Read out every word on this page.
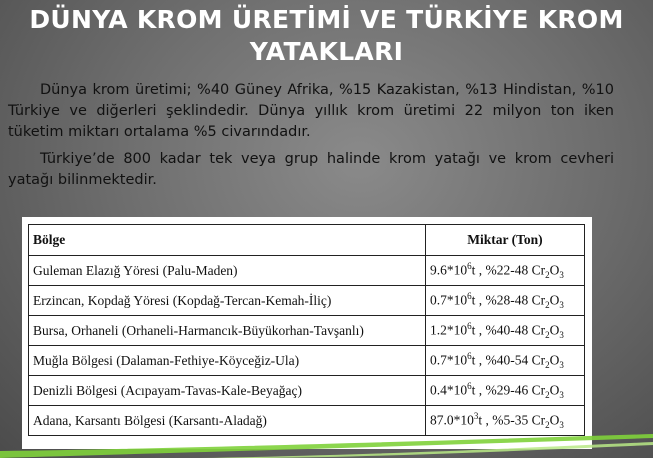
DÜNYA KROM ÜRETİMİ VE TÜRKİYE KROM
YATAKLARI

Dünya krom üretimi; %40 Güney Afrika, %15 Kazakistan, %13 Hindistan, %10 Türkiye ve diğerleri şeklindedir. Dünya yıllık krom üretimi 22 milyon ton iken tüketim miktarı ortalama %5 civarındadır.

Türkiye’de 800 kadar tek veya grup halinde krom yatağı ve krom cevheri yatağı bilinmektedir.

Bölge	Miktar (Ton)
Guleman Elazığ Yöresi (Palu-Maden)	$9.6*10^6t$ , %22-48 $Cr_2O_3$
Erzincan, Kopdağ Yöresi (Kopdağ-Tercan-Kemah-İliç)	$0.7*10^6t$ , %28-48 $Cr_2O_3$
Bursa, Orhaneli (Orhaneli-Harmancık-Büyükorhan-Tavşanlı)	$1.2*10^6t$ , %40-48 $Cr_2O_3$
Muğla Bölgesi (Dalaman-Fethiye-Köyceğiz-Ula)	$0.7*10^6t$ , %40-54 $Cr_2O_3$
Denizli Bölgesi (Acıpayam-Tavas-Kale-Beyağaç)	$0.4*10^6t$ , %29-46 $Cr_2O_3$
Adana, Karsantı Bölgesi (Karsantı-Aladağ)	$87.0*10^3t$ , %5-35 $Cr_2O_3$
